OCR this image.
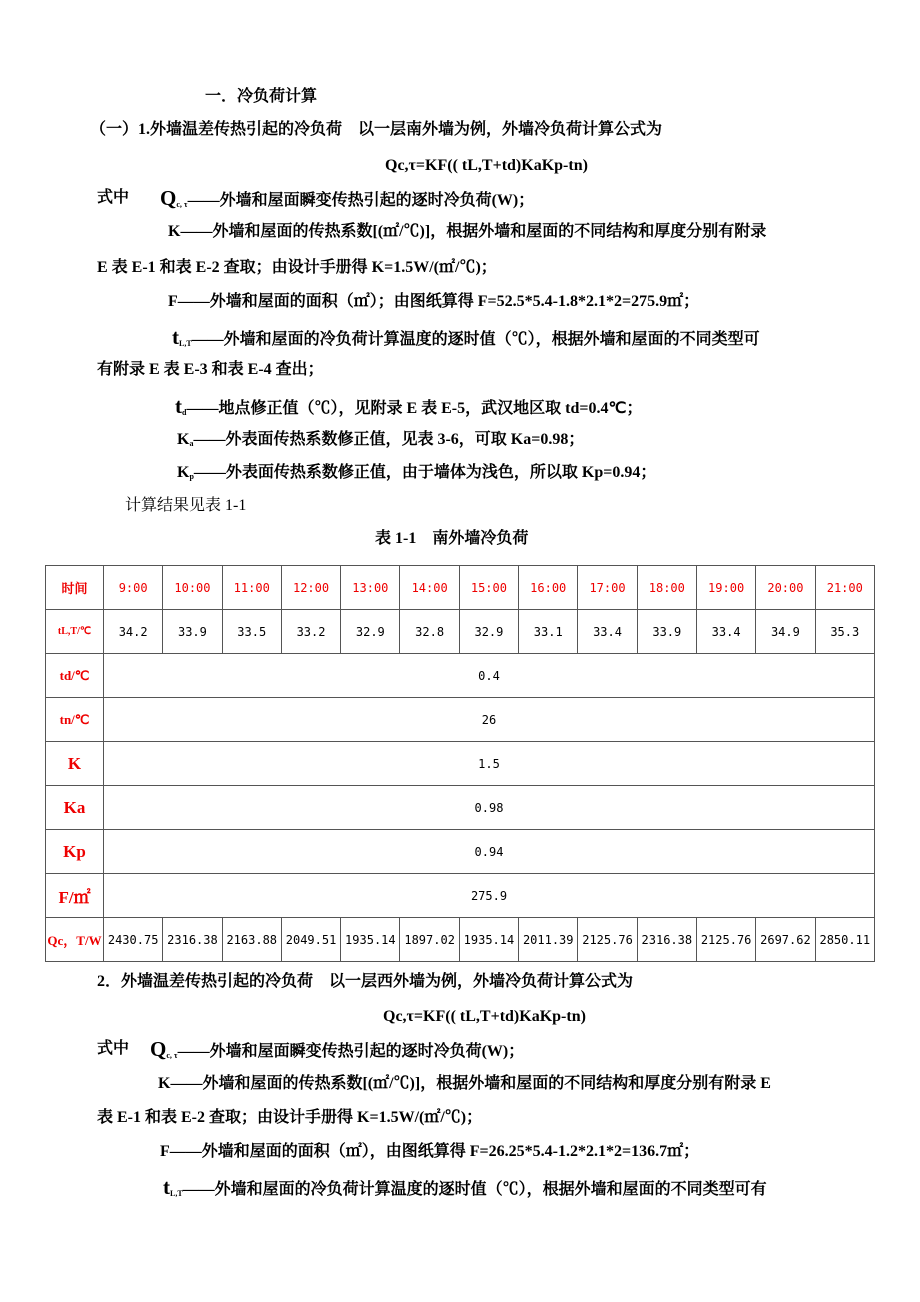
一．冷负荷计算
（一）1.外墙温差传热引起的冷负荷　以一层南外墙为例，外墙冷负荷计算公式为
Qc,τ=KF(( tL,T+td)KaKp-tn)
式中 $Q_{c, \tau}——$外墙和屋面瞬变传热引起的逐时冷负荷(W)；
K——外墙和屋面的传热系数[(㎡/℃)]，根据外墙和屋面的不同结构和厚度分别有附录
E 表 E-1 和表 E-2 查取；由设计手册得 K=1.5W/(㎡/℃)；
F——外墙和屋面的面积（㎡）；由图纸算得 F=52.5*5.4-1.8*2.1*2=275.9㎡；
$t_{L,T}——$外墙和屋面的冷负荷计算温度的逐时值（℃），根据外墙和屋面的不同类型可
有附录 E 表 E-3 和表 E-4 查出；
$t_d——$地点修正值（℃），见附录 E 表 E-5，武汉地区取 td=0.4℃；
$K_a——$外表面传热系数修正值，见表 3-6，可取 Ka=0.98；
$K_p——$外表面传热系数修正值，由于墙体为浅色，所以取 Kp=0.94；
计算结果见表 1-1
表 1-1　南外墙冷负荷
时间	9:00	10:00	11:00	12:00	13:00	14:00	15:00	16:00	17:00	18:00	19:00	20:00	21:00
tL,T/℃	34.2	33.9	33.5	33.2	32.9	32.8	32.9	33.1	33.4	33.9	33.4	34.9	35.3
td/℃	0.4												
tn/℃	26												
K	1.5												
Ka	0.98												
Kp	0.94												
F/㎡	275.9												
Qc，T/W	2430.75	2316.38	2163.88	2049.51	1935.14	1897.02	1935.14	2011.39	2125.76	2316.38	2125.76	2697.62	2850.11
2．外墙温差传热引起的冷负荷　以一层西外墙为例，外墙冷负荷计算公式为
Qc,τ=KF(( tL,T+td)KaKp-tn)
式中 $Q_{c, \tau}——$外墙和屋面瞬变传热引起的逐时冷负荷(W)；
K——外墙和屋面的传热系数[(㎡/℃)]，根据外墙和屋面的不同结构和厚度分别有附录 E
表 E-1 和表 E-2 查取；由设计手册得 K=1.5W/(㎡/℃)；
F——外墙和屋面的面积（㎡），由图纸算得 F=26.25*5.4-1.2*2.1*2=136.7㎡；
$t_{L,T}——$外墙和屋面的冷负荷计算温度的逐时值（℃），根据外墙和屋面的不同类型可有
